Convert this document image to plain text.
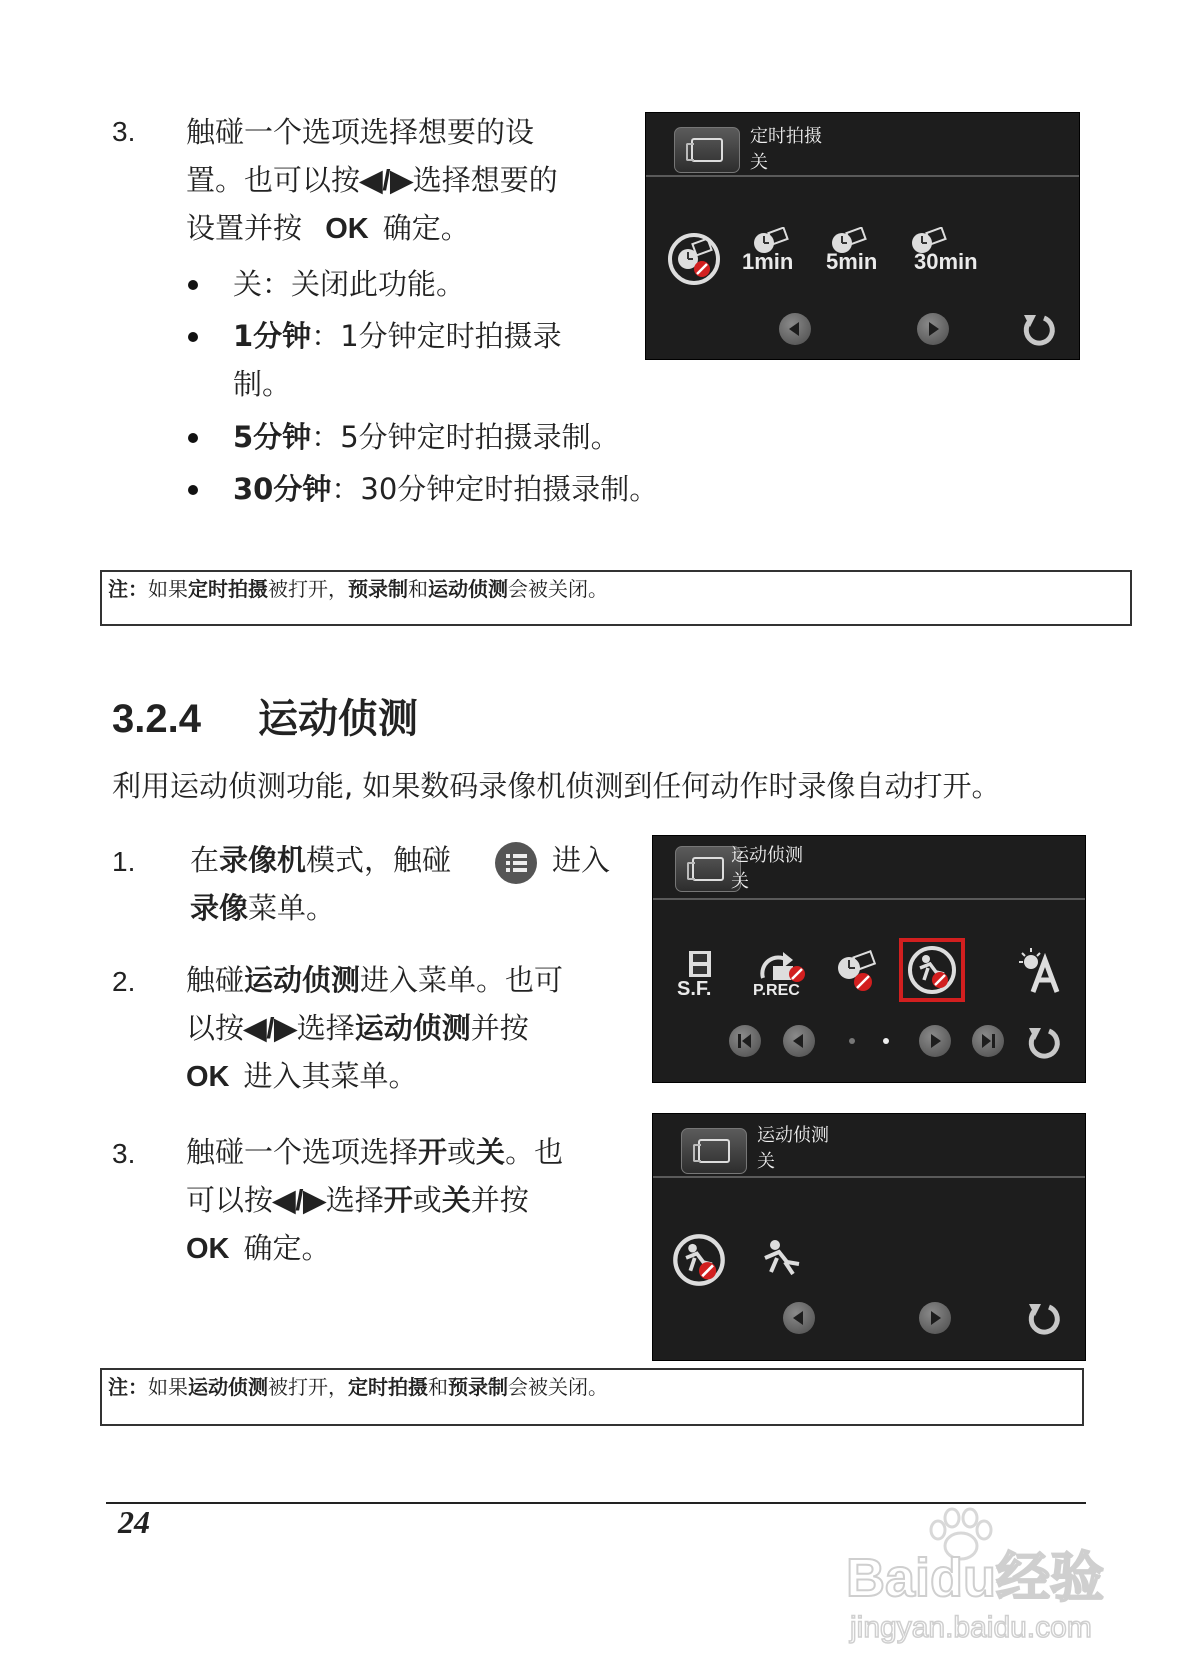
3. 触碰一个选项选择想要的设
置。也可以按◀/▶选择想要的
设置并按 OK 确定。
关：关闭此功能。
1分钟：1分钟定时拍摄录
制。
5分钟：5分钟定时拍摄录制。
30分钟：30分钟定时拍摄录制。
定时拍摄
关
1min 5min 30min
注：如果定时拍摄被打开，预录制和运动侦测会被关闭。
3.2.4 运动侦测
利用运动侦测功能, 如果数码录像机侦测到任何动作时录像自动打开。
1. 在录像机模式，触碰	进入
录像菜单。
2. 触碰运动侦测进入菜单。也可
以按◀/▶选择运动侦测并按
OK 进入其菜单。
3. 触碰一个选项选择开或关。也
可以按◀/▶选择开或关并按
OK 确定。
运动侦测
关
S.F.	P.REC
运动侦测
关
注：如果运动侦测被打开，定时拍摄和预录制会被关闭。
24
Baidu经验
jingyan.baidu.com
